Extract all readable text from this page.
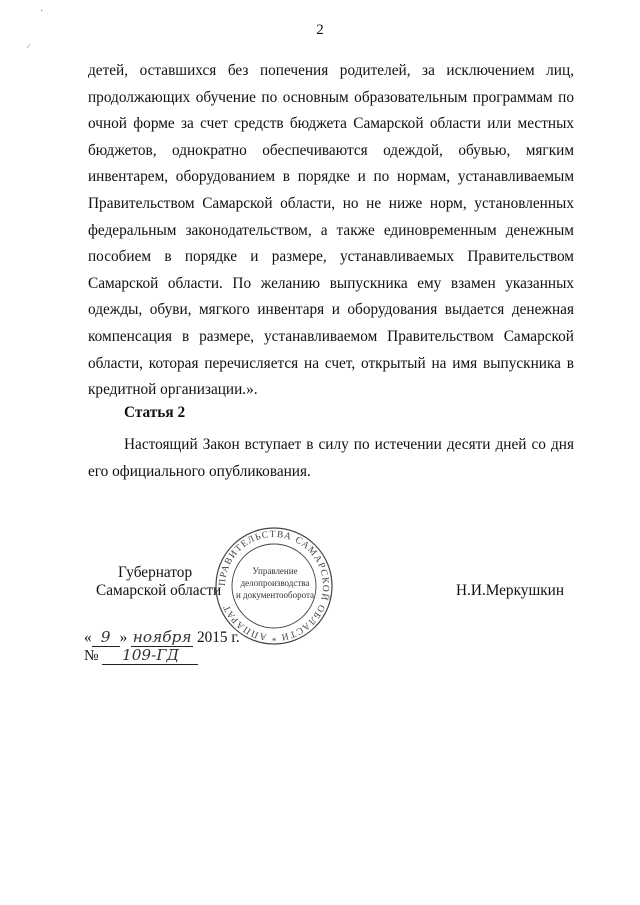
·
⸝
2

детей, оставшихся без попечения родителей, за исключением лиц, продолжающих обучение по основным образовательным программам по очной форме за счет средств бюджета Самарской области или местных бюджетов, однократно обеспечиваются одеждой, обувью, мягким инвентарем, оборудованием в порядке и по нормам, устанавливаемым Правительством Самарской области, но не ниже норм, установленных федеральным законодательством, а также единовременным денежным пособием в порядке и размере, устанавливаемых Правительством Самарской области. По желанию выпускника ему взамен указанных одежды, обуви, мягкого инвентаря и оборудования выдается денежная компенсация в размере, устанавливаемом Правительством Самарской области, которая перечисляется на счет, открытый на имя выпускника в кредитной организации.».

Статья 2
Настоящий Закон вступает в силу по истечении десяти дней со дня его официального опубликования.
ПРАВИТЕЛЬСТВА САМАРСКОЙ ОБЛАСТИ * АППАРАТ
Управление
делопроизводства
и документооборота
Губернатор
Самарской области	Н.И.Меркушкин
« 9 » ноября 2015 г.
№ 109-ГД
